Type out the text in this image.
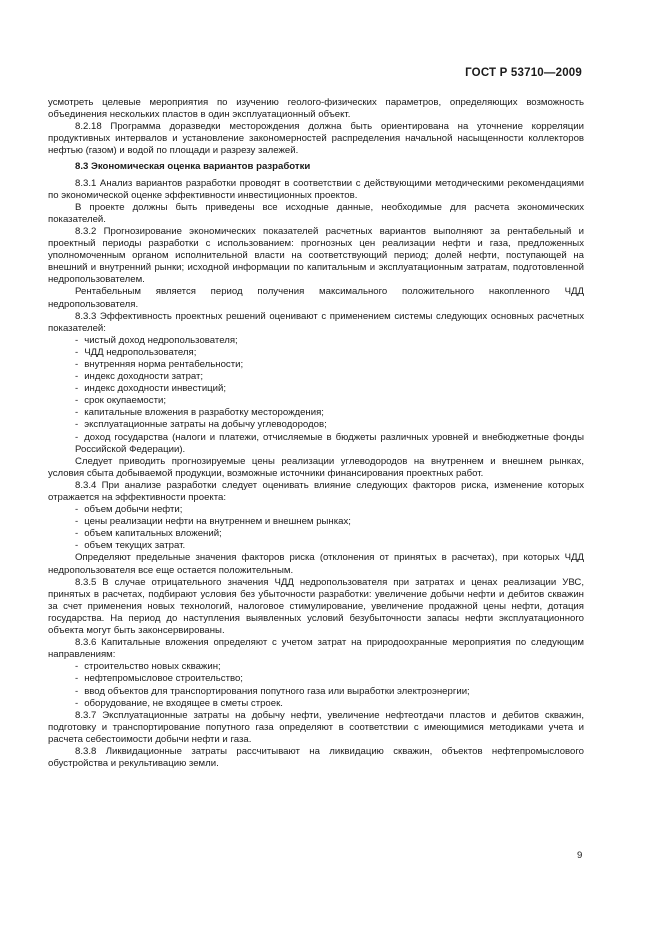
ГОСТ Р 53710—2009

усмотреть целевые мероприятия по изучению геолого-физических параметров, определяющих возможность объединения нескольких пластов в один эксплуатационный объект.

8.2.18 Программа доразведки месторождения должна быть ориентирована на уточнение корреляции продуктивных интервалов и установление закономерностей распределения начальной насыщенности коллекторов нефтью (газом) и водой по площади и разрезу залежей.

8.3 Экономическая оценка вариантов разработки

8.3.1 Анализ вариантов разработки проводят в соответствии с действующими методическими рекомендациями по экономической оценке эффективности инвестиционных проектов.

В проекте должны быть приведены все исходные данные, необходимые для расчета экономических показателей.

8.3.2 Прогнозирование экономических показателей расчетных вариантов выполняют за рентабельный и проектный периоды разработки с использованием: прогнозных цен реализации нефти и газа, предложенных уполномоченным органом исполнительной власти на соответствующий период; долей нефти, поступающей на внешний и внутренний рынки; исходной информации по капитальным и эксплуатационным затратам, подготовленной недропользователем.

Рентабельным является период получения максимального положительного накопленного ЧДД недропользователя.

8.3.3 Эффективность проектных решений оценивают с применением системы следующих основных расчетных показателей:

- чистый доход недропользователя;

- ЧДД недропользователя;

- внутренняя норма рентабельности;

- индекс доходности затрат;

- индекс доходности инвестиций;

- срок окупаемости;

- капитальные вложения в разработку месторождения;

- эксплуатационные затраты на добычу углеводородов;

- доход государства (налоги и платежи, отчисляемые в бюджеты различных уровней и внебюджетные фонды Российской Федерации).

Следует приводить прогнозируемые цены реализации углеводородов на внутреннем и внешнем рынках, условия сбыта добываемой продукции, возможные источники финансирования проектных работ.

8.3.4 При анализе разработки следует оценивать влияние следующих факторов риска, изменение которых отражается на эффективности проекта:

- объем добычи нефти;

- цены реализации нефти на внутреннем и внешнем рынках;

- объем капитальных вложений;

- объем текущих затрат.

Определяют предельные значения факторов риска (отклонения от принятых в расчетах), при которых ЧДД недропользователя все еще остается положительным.

8.3.5 В случае отрицательного значения ЧДД недропользователя при затратах и ценах реализации УВС, принятых в расчетах, подбирают условия без убыточности разработки: увеличение добычи нефти и дебитов скважин за счет применения новых технологий, налоговое стимулирование, увеличение продажной цены нефти, дотация государства. На период до наступления выявленных условий безубыточности запасы нефти эксплуатационного объекта могут быть законсервированы.

8.3.6 Капитальные вложения определяют с учетом затрат на природоохранные мероприятия по следующим направлениям:

- строительство новых скважин;

- нефтепромысловое строительство;

- ввод объектов для транспортирования попутного газа или выработки электроэнергии;

- оборудование, не входящее в сметы строек.

8.3.7 Эксплуатационные затраты на добычу нефти, увеличение нефтеотдачи пластов и дебитов скважин, подготовку и транспортирование попутного газа определяют в соответствии с имеющимися методиками учета и расчета себестоимости добычи нефти и газа.

8.3.8 Ликвидационные затраты рассчитывают на ликвидацию скважин, объектов нефтепромыслового обустройства и рекультивацию земли.

9
